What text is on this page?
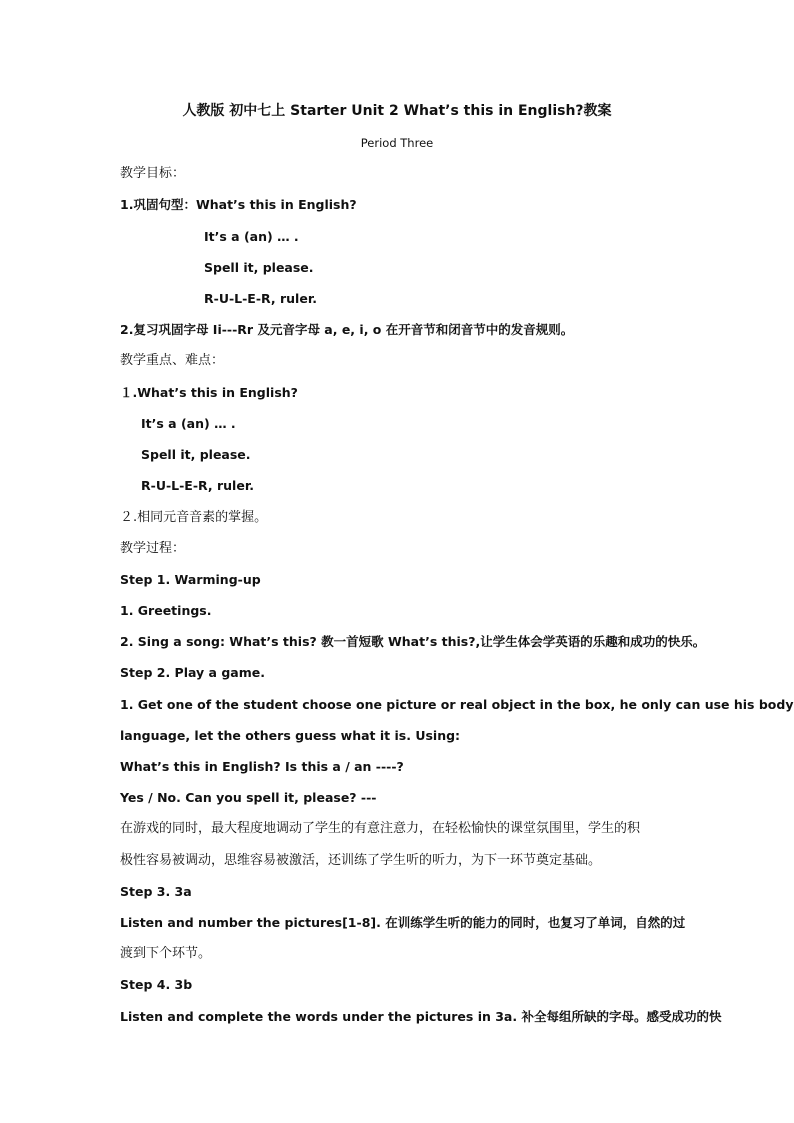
人教版 初中七上 Starter Unit 2 What’s this in English?教案
Period Three
教学目标：
1.巩固句型：What’s this in English?
It’s a (an) … .
Spell it, please.
R-U-L-E-R, ruler.
2.复习巩固字母 Ii---Rr 及元音字母 a, e, i, o 在开音节和闭音节中的发音规则。
教学重点、难点：
１.What’s this in English?
It’s a (an) … .
Spell it, please.
R-U-L-E-R, ruler.
２.相同元音音素的掌握。
教学过程：
Step 1. Warming-up
1. Greetings.
2. Sing a song: What’s this? 教一首短歌 What’s this?,让学生体会学英语的乐趣和成功的快乐。
Step 2. Play a game.
1. Get one of the student choose one picture or real object in the box, he only can use his body
language, let the others guess what it is. Using:
What’s this in English? Is this a / an ----?
Yes / No. Can you spell it, please? ---
在游戏的同时，最大程度地调动了学生的有意注意力，在轻松愉快的课堂氛围里，学生的积
极性容易被调动，思维容易被激活，还训练了学生听的听力，为下一环节奠定基础。
Step 3. 3a
Listen and number the pictures[1-8]. 在训练学生听的能力的同时，也复习了单词，自然的过
渡到下个环节。
Step 4. 3b
Listen and complete the words under the pictures in 3a. 补全每组所缺的字母。感受成功的快
